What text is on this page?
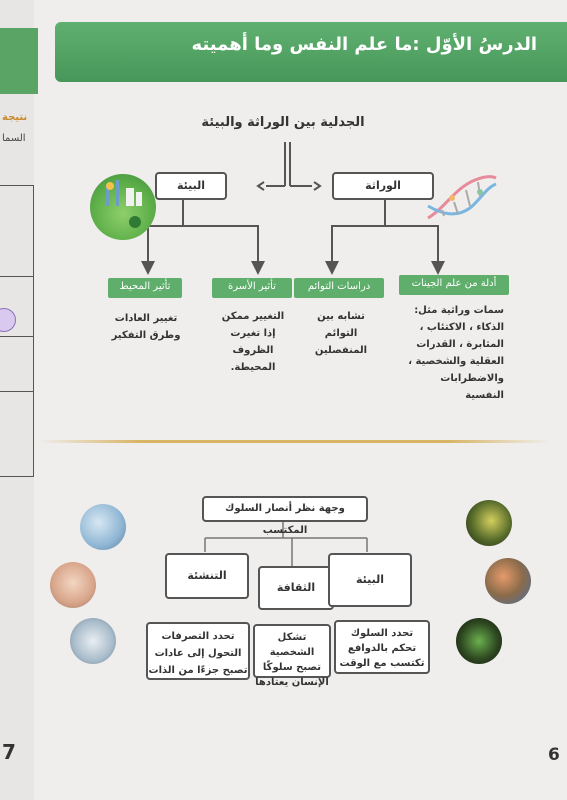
نتيجة
السما
7
الدرسُ الأوّل :ما علم النفس وما أهميته
الجدلية بين الوراثة والبيئة
البيئة	الوراثة
تأثير المحيط	تأثير الأسرة	دراسات التوائم	أدلة من علم الجينات
تغيير العادات
وطرق التفكير
التغيير ممكن
إذا تغيرت
الظروف
المحيطة.
تشابه بين
التوائم
المنفصلين
سمات وراثية مثل:
الذكاء ، الاكتئاب ،
المثابرة ، القدرات
العقلية والشخصية ،
والاضطرابات
النفسية
وجهة نظر أنصار السلوك المكتسب
التنشئة
الثقافة
البيئة
تحدد التصرفات
التحول إلى عادات
تصبح جزءًا من الذات
تشكل الشخصية
تصبح سلوكًا
الإنسان يعتادها
تحدد السلوك
تحكم بالدوافع
تكتسب مع الوقت
6
